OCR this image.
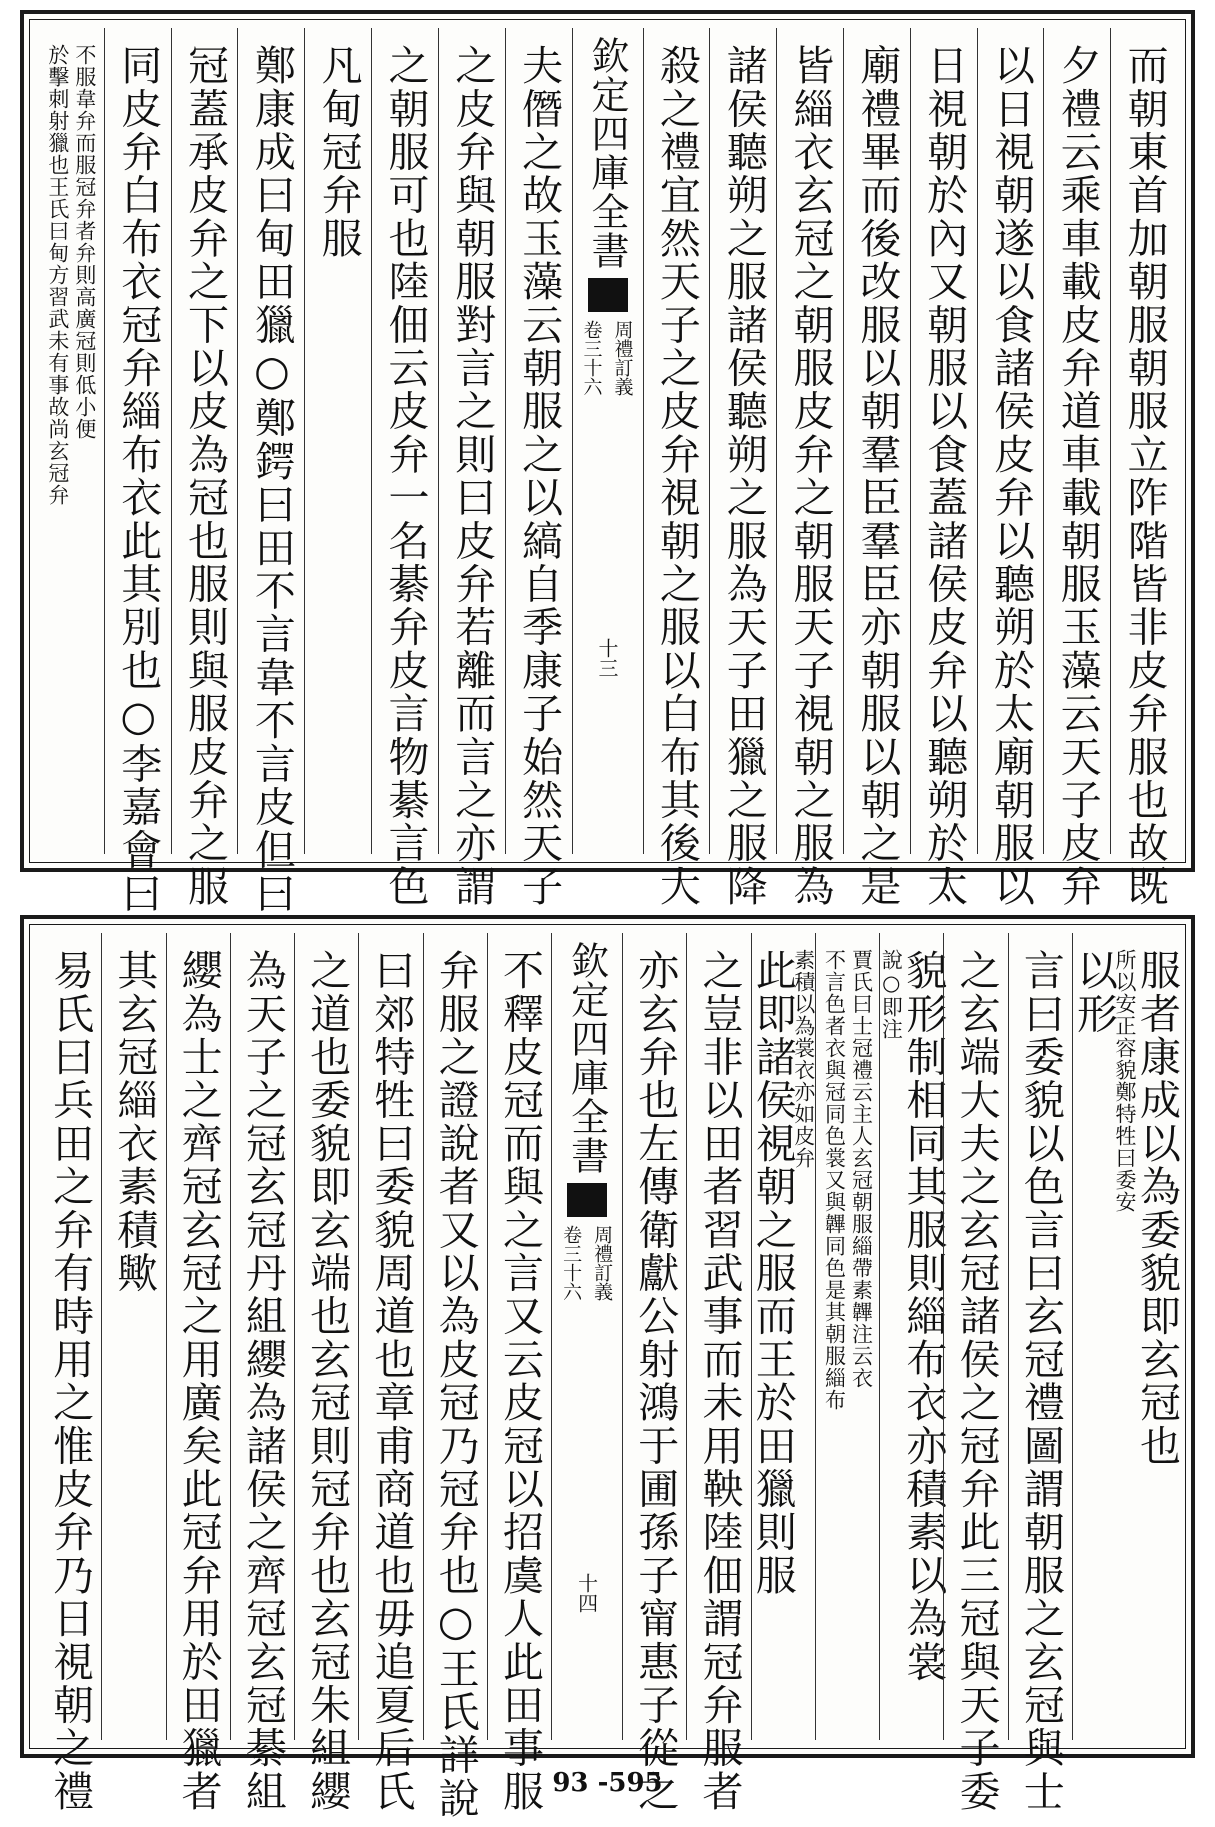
而朝東首加朝服朝服立阼階皆非皮弁服也故既
夕禮云乘車載皮弁道車載朝服玉藻云天子皮弁
以日視朝遂以食諸侯皮弁以聽朔於太廟朝服以
日視朝於內又朝服以食蓋諸侯皮弁以聽朔於太
廟禮畢而後改服以朝羣臣羣臣亦朝服以朝之是
皆緇衣玄冠之朝服皮弁之朝服天子視朝之服為
諸侯聽朔之服諸侯聽朔之服為天子田獵之服降
殺之禮宜然天子之皮弁視朝之服以白布其後大
欽定四庫全書
周禮訂義
卷三十六
十三
夫僭之故玉藻云朝服之以縞自季康子始然天子
之皮弁與朝服對言之則曰皮弁若離而言之亦謂
之朝服可也陸佃云皮弁一名綦弁皮言物綦言色
凡甸冠弁服
鄭康成曰甸田獵○鄭鍔曰田不言韋不言皮但曰
冠蓋承皮弁之下以皮為冠也服則與服皮弁之服
同皮弁白布衣冠弁緇布衣此其別也○李嘉會曰
不服韋弁而服冠弁者弁則高廣冠則低小便
於擊刺射獵也王氏曰甸方習武未有事故尚玄冠弁
服者康成以為委貌即玄冠也
鄭特牲曰委安
所以安正容貌
以形
言曰委貌以色言曰玄冠禮圖謂朝服之玄冠與士
之玄端大夫之玄冠諸侯之冠弁此三冠與天子委
貌形制相同其服則緇布衣亦積素以為裳
即注
說○
賈氏曰士冠禮云主人玄冠朝服緇帶素韠注云衣
不言色者衣與冠同色裳又與韠同色是其朝服緇布
衣亦如皮弁
素積以為裳
此即諸侯視朝之服而王於田獵則服
之豈非以田者習武事而未用鞅陸佃謂冠弁服者
亦玄弁也左傳衛獻公射鴻于圃孫子甯惠子從之
欽定四庫全書
周禮訂義
卷三十六
十四
不釋皮冠而與之言又云皮冠以招虞人此田事服
弁服之證說者又以為皮冠乃冠弁也○王氏詳說
曰郊特牲曰委貌周道也章甫商道也毋追夏后氏
之道也委貌即玄端也玄冠則冠弁也玄冠朱組纓
為天子之冠玄冠丹組纓為諸侯之齊冠玄冠綦組
纓為士之齊冠玄冠之用廣矣此冠弁用於田獵者
其玄冠緇衣素積歟
易氏曰兵田之弁有時用之惟皮弁乃日視朝之禮	93 -595
